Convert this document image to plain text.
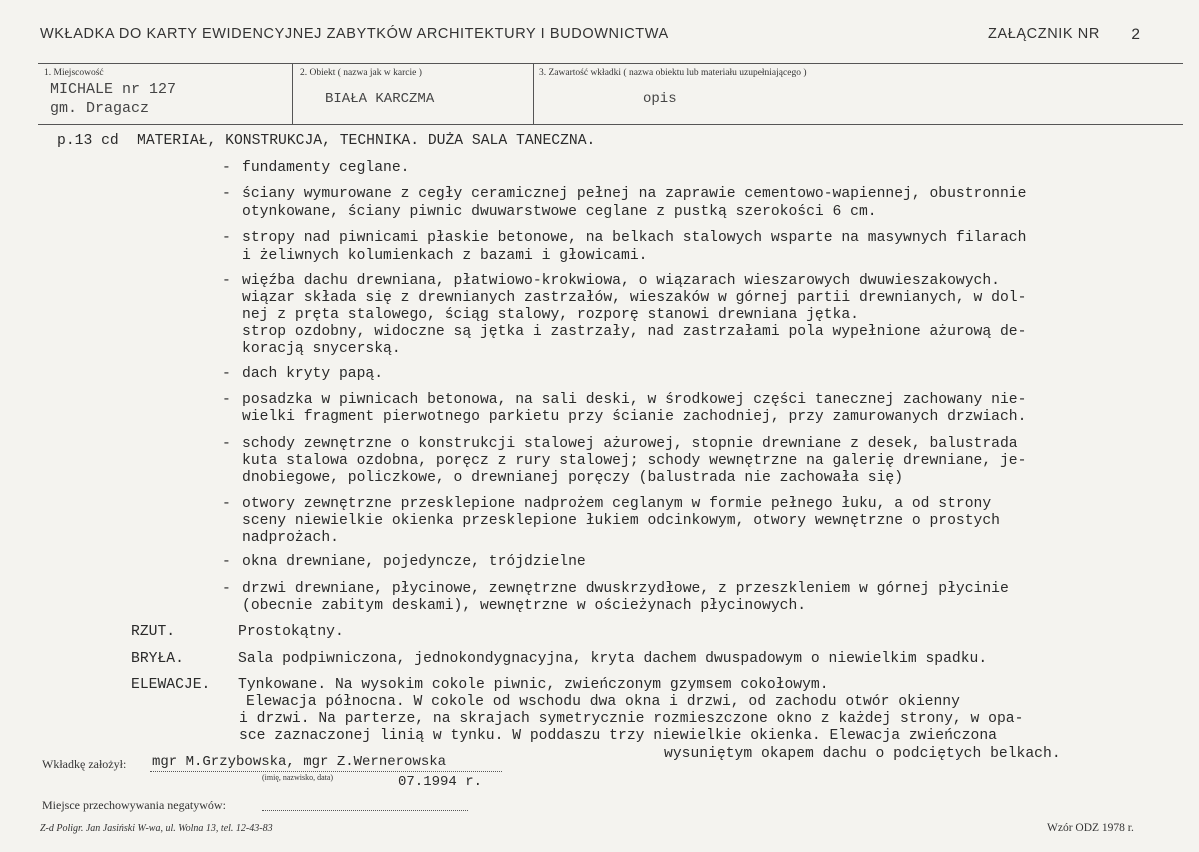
WKŁADKA DO KARTY EWIDENCYJNEJ ZABYTKÓW ARCHITEKTURY I BUDOWNICTWA	ZAŁĄCZNIK NR 2
1. Miejscowość
MICHALE nr 127
gm. Dragacz
2. Obiekt ( nazwa jak w karcie )
BIAŁA KARCZMA
3. Zawartość wkładki ( nazwa obiektu lub materiału uzupełniającego )
opis
p.13 cd MATERIAŁ, KONSTRUKCJA, TECHNIKA. DUŻA SALA TANECZNA.
- fundamenty ceglane.
- ściany wymurowane z cegły ceramicznej pełnej na zaprawie cementowo-wapiennej, obustronnie
otynkowane, ściany piwnic dwuwarstwowe ceglane z pustką szerokości 6 cm.
- stropy nad piwnicami płaskie betonowe, na belkach stalowych wsparte na masywnych filarach
i żeliwnych kolumienkach z bazami i głowicami.
- więźba dachu drewniana, płatwiowo-krokwiowa, o wiązarach wieszarowych dwuwieszakowych.
wiązar składa się z drewnianych zastrzałów, wieszaków w górnej partii drewnianych, w dol-
nej z pręta stalowego, ściąg stalowy, rozporę stanowi drewniana jętka.
strop ozdobny, widoczne są jętka i zastrzały, nad zastrzałami pola wypełnione ażurową de-
koracją snycerską.
- dach kryty papą.
- posadzka w piwnicach betonowa, na sali deski, w środkowej części tanecznej zachowany nie-
wielki fragment pierwotnego parkietu przy ścianie zachodniej, przy zamurowanych drzwiach.
- schody zewnętrzne o konstrukcji stalowej ażurowej, stopnie drewniane z desek, balustrada
kuta stalowa ozdobna, poręcz z rury stalowej; schody wewnętrzne na galerię drewniane, je-
dnobiegowe, policzkowe, o drewnianej poręczy (balustrada nie zachowała się)
- otwory zewnętrzne przesklepione nadprożem ceglanym w formie pełnego łuku, a od strony
sceny niewielkie okienka przesklepione łukiem odcinkowym, otwory wewnętrzne o prostych
nadprożach.
- okna drewniane, pojedyncze, trójdzielne
- drzwi drewniane, płycinowe, zewnętrzne dwuskrzydłowe, z przeszkleniem w górnej płycinie
(obecnie zabitym deskami), wewnętrzne w ościeżynach płycinowych.
RZUT.	Prostokątny.
BRYŁA.	Sala podpiwniczona, jednokondygnacyjna, kryta dachem dwuspadowym o niewielkim spadku.
ELEWACJE. Tynkowane. Na wysokim cokole piwnic, zwieńczonym gzymsem cokołowym.
Elewacja północna. W cokole od wschodu dwa okna i drzwi, od zachodu otwór okienny
i drzwi. Na parterze, na skrajach symetrycznie rozmieszczone okno z każdej strony, w opa-
sce zaznaczonej linią w tynku. W poddaszu trzy niewielkie okienka. Elewacja zwieńczona
wysuniętym okapem dachu o podciętych belkach.
Wkładkę założył: mgr M.Grzybowska, mgr Z.Wernerowska
(imię, nazwisko, data)	07.1994 r.
Miejsce przechowywania negatywów:
Z-d Poligr. Jan Jasiński W-wa, ul. Wolna 13, tel. 12-43-83	Wzór ODZ 1978 r.
